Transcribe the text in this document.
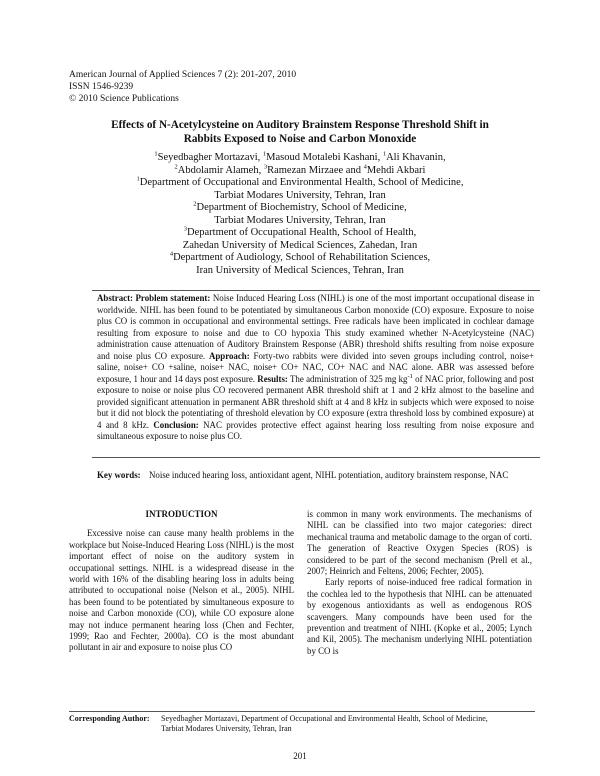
American Journal of Applied Sciences 7 (2): 201-207, 2010
ISSN 1546-9239
© 2010 Science Publications
Effects of N-Acetylcysteine on Auditory Brainstem Response Threshold Shift in
Rabbits Exposed to Noise and Carbon Monoxide
$^1$Seyedbagher Mortazavi, $^1$Masoud Motalebi Kashani, $^1$Ali Khavanin,
$^2$Abdolamir Alameh, $^3$Ramezan Mirzaee and $^4$Mehdi Akbari
$^1$Department of Occupational and Environmental Health, School of Medicine,
Tarbiat Modares University, Tehran, Iran
$^2$Department of Biochemistry, School of Medicine,
Tarbiat Modares University, Tehran, Iran
$^3$Department of Occupational Health, School of Health,
Zahedan University of Medical Sciences, Zahedan, Iran
$^4$Department of Audiology, School of Rehabilitation Sciences,
Iran University of Medical Sciences, Tehran, Iran
Abstract: Problem statement: Noise Induced Hearing Loss (NIHL) is one of the most important occupational disease in worldwide. NIHL has been found to be potentiated by simultaneous Carbon monoxide (CO) exposure. Exposure to noise plus CO is common in occupational and environmental settings. Free radicals have been implicated in cochlear damage resulting from exposure to noise and due to CO hypoxia This study examined whether N-Acetylcysteine (NAC) administration cause attenuation of Auditory Brainstem Response (ABR) threshold shifts resulting from noise exposure and noise plus CO exposure. Approach: Forty-two rabbits were divided into seven groups including control, noise+ saline, noise+ CO +saline, noise+ NAC, noise+ CO+ NAC, CO+ NAC and NAC alone. ABR was assessed before exposure, 1 hour and 14 days post exposure. Results: The administration of 325 mg $kg^{-1}$ of NAC prior, following and post exposure to noise or noise plus CO recovered permanent ABR threshold shift at 1 and 2 kHz almost to the baseline and provided significant attenuation in permanent ABR threshold shift at 4 and 8 kHz in subjects which were exposed to noise but it did not block the potentiating of threshold elevation by CO exposure (extra threshold loss by combined exposure) at 4 and 8 kHz. Conclusion: NAC provides protective effect against hearing loss resulting from noise exposure and simultaneous exposure to noise plus CO.
Key words: Noise induced hearing loss, antioxidant agent, NIHL potentiation, auditory brainstem response, NAC
INTRODUCTION

Excessive noise can cause many health problems in the workplace but Noise-Induced Hearing Loss (NIHL) is the most important effect of noise on the auditory system in occupational settings. NIHL is a widespread disease in the world with 16% of the disabling hearing loss in adults being attributed to occupational noise (Nelson et al., 2005). NIHL has been found to be potentiated by simultaneous exposure to noise and Carbon monoxide (CO), while CO exposure alone may not induce permanent hearing loss (Chen and Fechter, 1999; Rao and Fechter, 2000a). CO is the most abundant pollutant in air and exposure to noise plus CO

is common in many work environments. The mechanisms of NIHL can be classified into two major categories: direct mechanical trauma and metabolic damage to the organ of corti. The generation of Reactive Oxygen Species (ROS) is considered to be part of the second mechanism (Prell et al., 2007; Heinrich and Feltens, 2006; Fechter, 2005).

Early reports of noise-induced free radical formation in the cochlea led to the hypothesis that NIHL can be attenuated by exogenous antioxidants as well as endogenous ROS scavengers. Many compounds have been used for the prevention and treatment of NIHL (Kopke et al., 2005; Lynch and Kil, 2005). The mechanism underlying NIHL potentiation by CO is

Corresponding Author: Seyedbagher Mortazavi, Department of Occupational and Environmental Health, School of Medicine,
Tarbiat Modares University, Tehran, Iran
201
